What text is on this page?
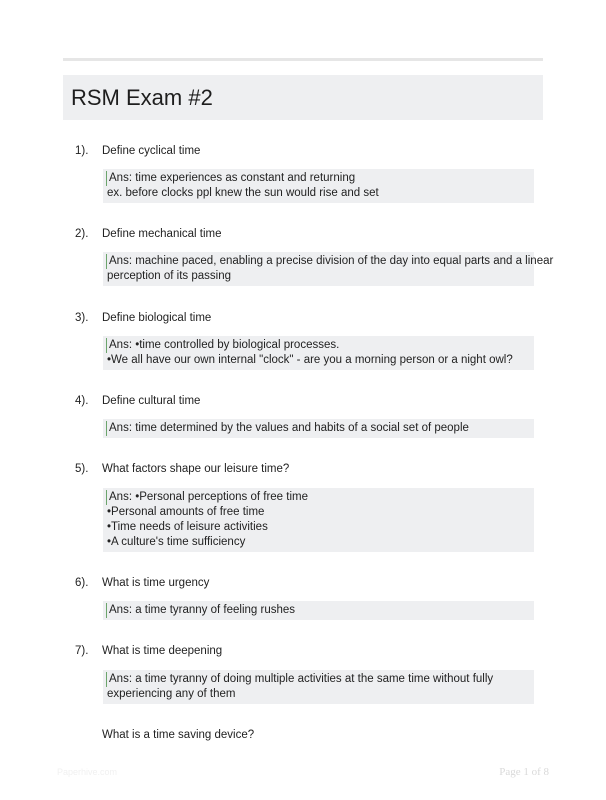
RSM Exam #2
1). Define cyclical time
Ans: time experiences as constant and returning
ex. before clocks ppl knew the sun would rise and set
2). Define mechanical time
Ans: machine paced, enabling a precise division of the day into equal parts and a linear
perception of its passing
3). Define biological time
Ans: •time controlled by biological processes.
•We all have our own internal "clock" - are you a morning person or a night owl?
4). Define cultural time
Ans: time determined by the values and habits of a social set of people
5). What factors shape our leisure time?
Ans: •Personal perceptions of free time
•Personal amounts of free time
•Time needs of leisure activities
•A culture's time sufficiency
6). What is time urgency
Ans: a time tyranny of feeling rushes
7). What is time deepening
Ans: a time tyranny of doing multiple activities at the same time without fully
experiencing any of them
What is a time saving device?
Paperhive.com	Page 1 of 8
